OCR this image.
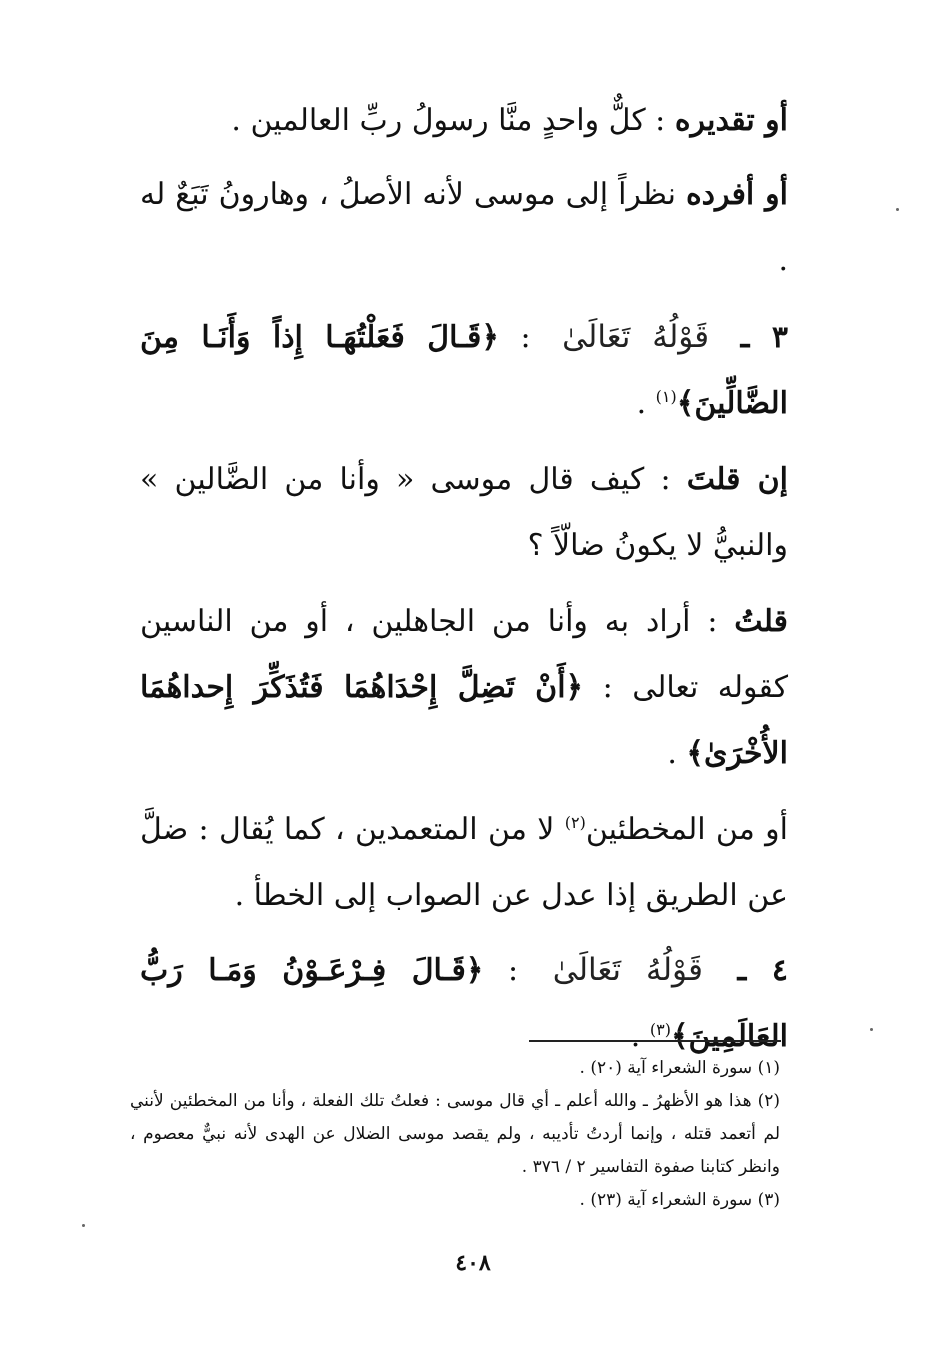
أو تقديره : كلٌّ واحدٍ منَّا رسولُ ربِّ العالمين .

أو أفرده نظراً إلى موسى لأنه الأصلُ ، وهارونُ تَبَعٌ له .

٣ ـ قَوْلُهُ تَعَالَىٰ : ﴿قَـالَ فَعَلْتُهَـا إِذاً وَأَنَـا مِنَ الضَّالِّينَ﴾$^{(١)}$ .

إن قلتَ : كيف قال موسى « وأنا من الضَّالين » والنبيُّ لا يكونُ ضالّاً ؟

قلتُ : أراد به وأنا من الجاهلين ، أو من الناسين كقوله تعالى : ﴿أَنْ تَضِلَّ إِحْدَاهُمَا فَتُذَكِّرَ إِحداهُمَا الأُخْرَىٰ﴾ .

أو من المخطئين$^{(٢)}$ لا من المتعمدين ، كما يُقال : ضلَّ عن الطريق إذا عدل عن الصواب إلى الخطأ .

٤ ـ قَوْلُهُ تَعَالَىٰ : ﴿قَـالَ فِـرْعَـوْنُ وَمَـا رَبُّ العَالَمِينَ﴾$^{(٣)}$ .

(١) سورة الشعراء آية (٢٠) .

(٢) هذا هو الأظهرُ ـ والله أعلم ـ أي قال موسى : فعلتُ تلك الفعلة ، وأنا من المخطئين لأنني لم أتعمد قتله ، وإنما أردتُ تأديبه ، ولم يقصد موسى الضلال عن الهدى لأنه نبيٌّ معصوم ، وانظر كتابنا صفوة التفاسير ٢ / ٣٧٦ .

(٣) سورة الشعراء آية (٢٣) .

٤٠٨
